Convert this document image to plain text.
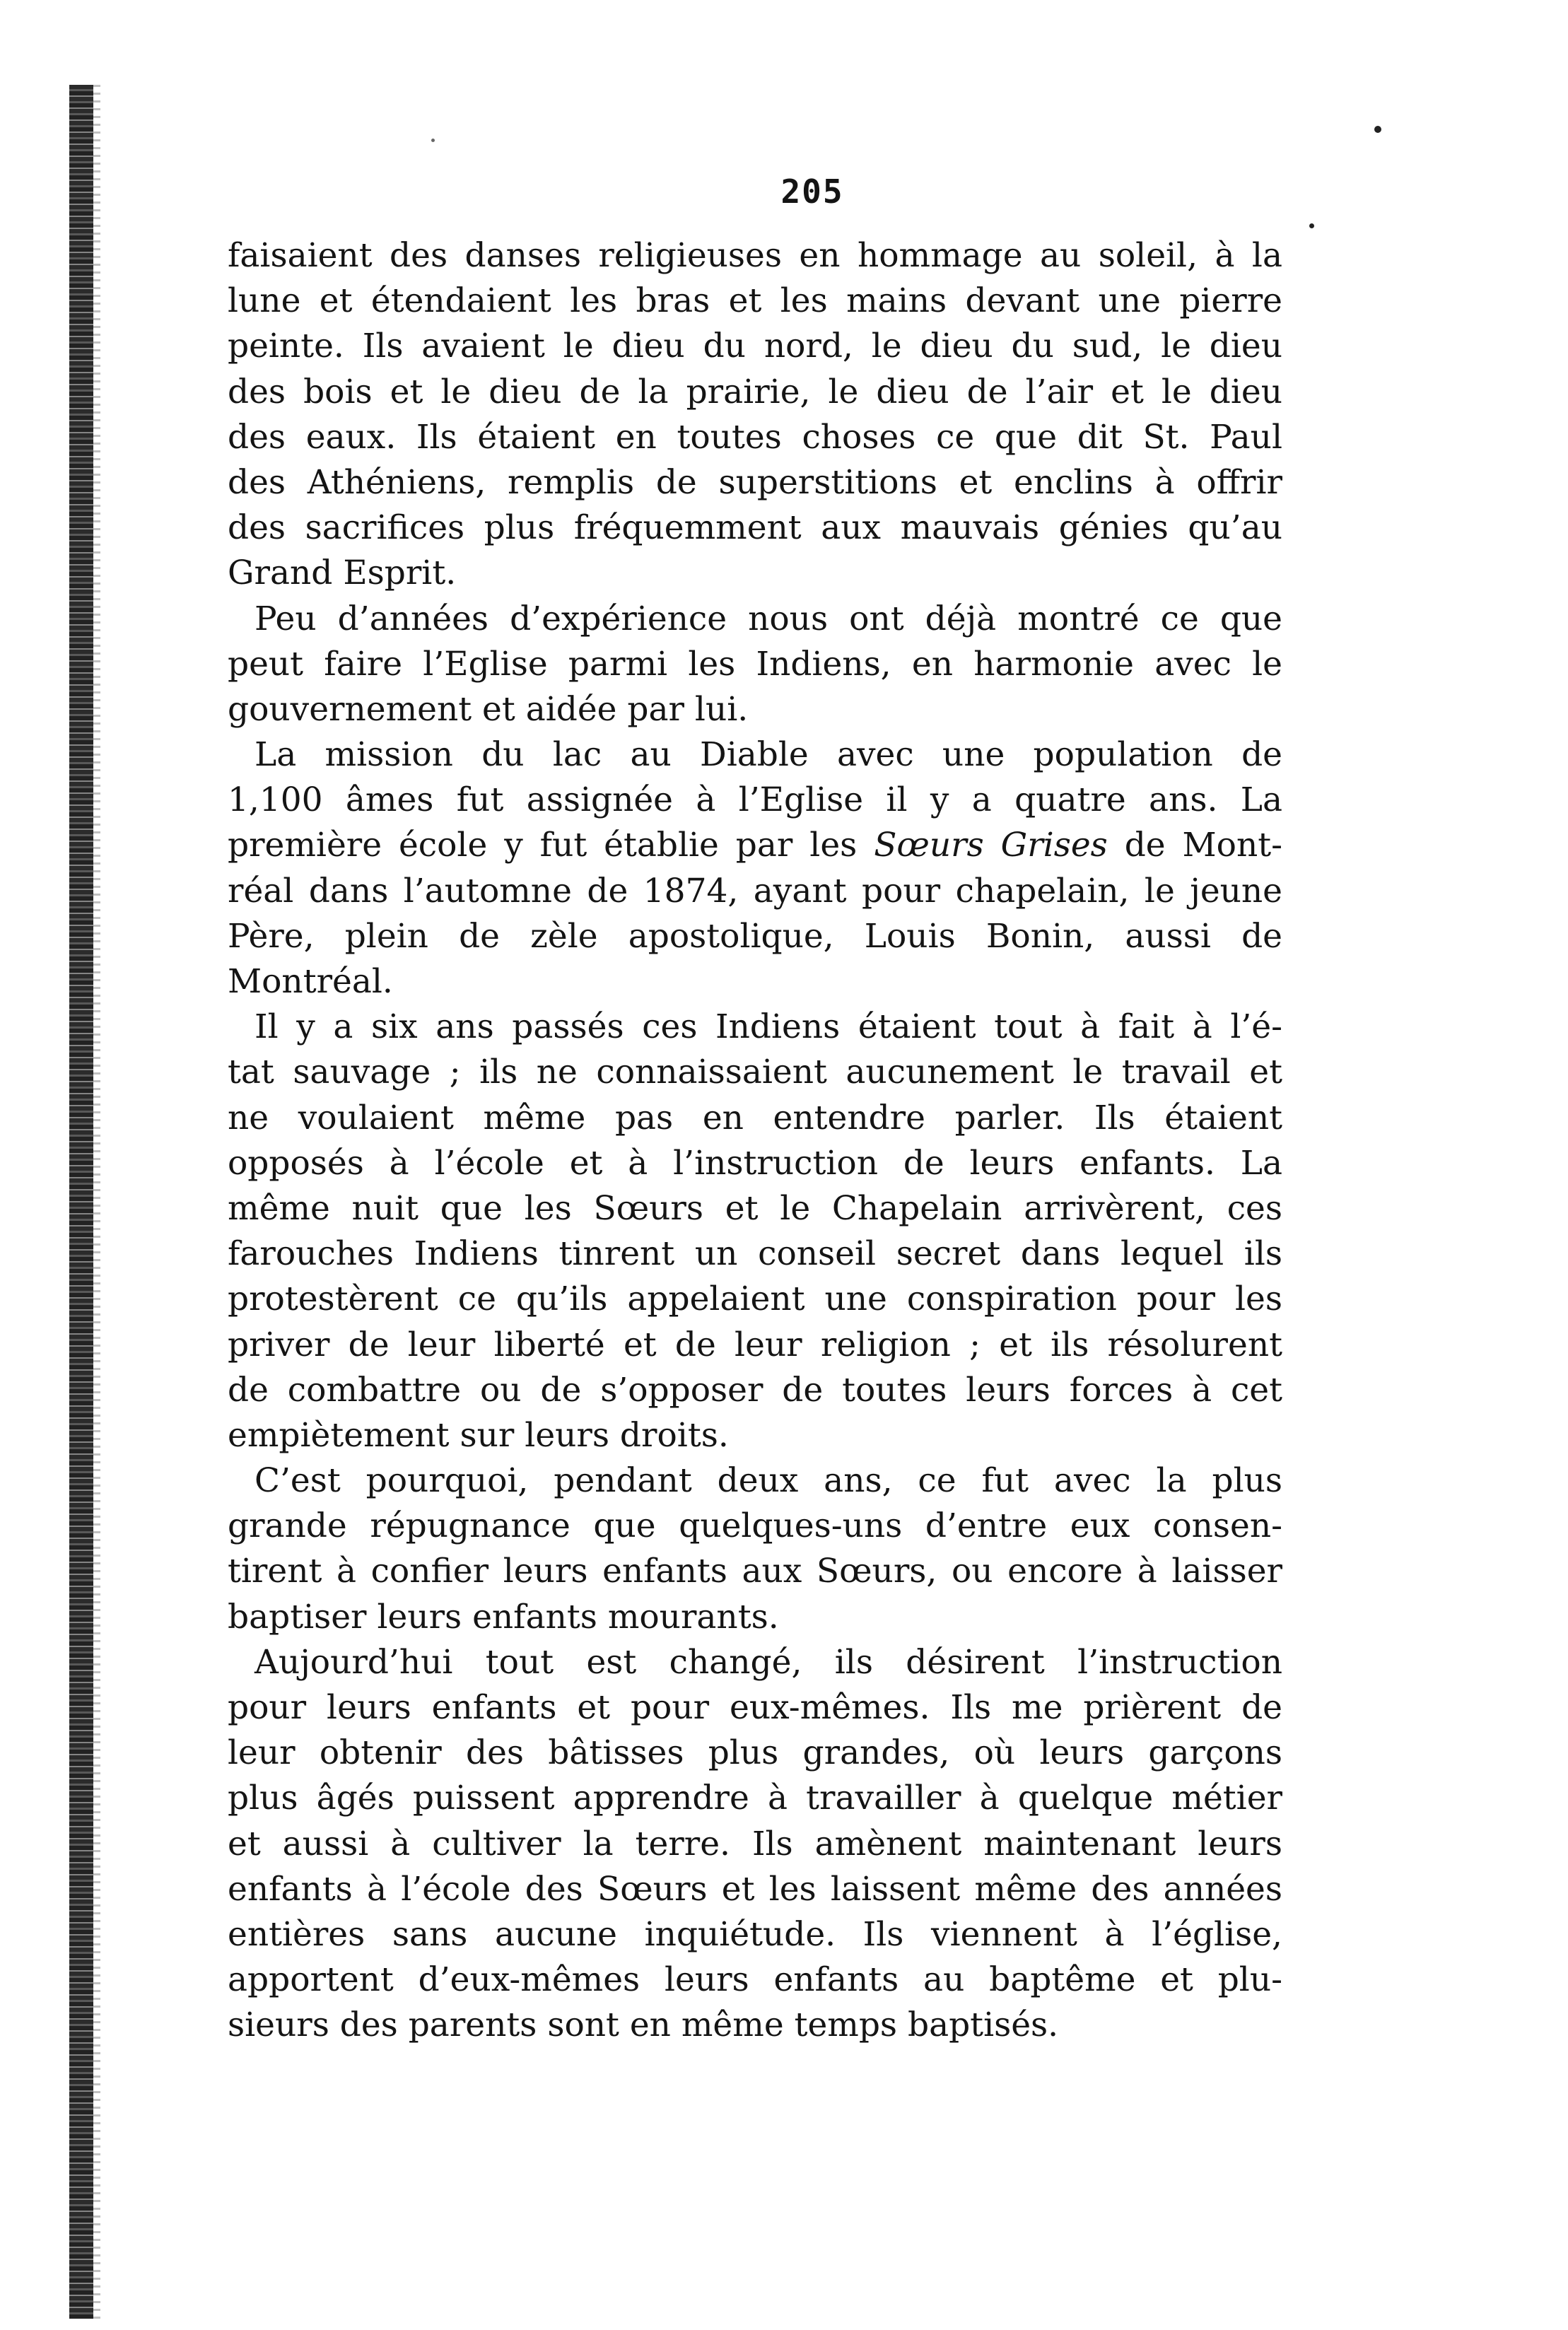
205
faisaient des danses religieuses en hommage au soleil, à la
lune et étendaient les bras et les mains devant une pierre
peinte. Ils avaient le dieu du nord, le dieu du sud, le dieu
des bois et le dieu de la prairie, le dieu de l’air et le dieu
des eaux. Ils étaient en toutes choses ce que dit St. Paul
des Athéniens, remplis de superstitions et enclins à offrir
des sacrifices plus fréquemment aux mauvais génies qu’au
Grand Esprit.
Peu d’années d’expérience nous ont déjà montré ce que
peut faire l’Eglise parmi les Indiens, en harmonie avec le
gouvernement et aidée par lui.
La mission du lac au Diable avec une population de
1,100 âmes fut assignée à l’Eglise il y a quatre ans. La
première école y fut établie par les Sœurs Grises de Mont-
réal dans l’automne de 1874, ayant pour chapelain, le jeune
Père, plein de zèle apostolique, Louis Bonin, aussi de
Montréal.
Il y a six ans passés ces Indiens étaient tout à fait à l’é-
tat sauvage ; ils ne connaissaient aucunement le travail et
ne voulaient même pas en entendre parler. Ils étaient
opposés à l’école et à l’instruction de leurs enfants. La
même nuit que les Sœurs et le Chapelain arrivèrent, ces
farouches Indiens tinrent un conseil secret dans lequel ils
protestèrent ce qu’ils appelaient une conspiration pour les
priver de leur liberté et de leur religion ; et ils résolurent
de combattre ou de s’opposer de toutes leurs forces à cet
empiètement sur leurs droits.
C’est pourquoi, pendant deux ans, ce fut avec la plus
grande répugnance que quelques-uns d’entre eux consen-
tirent à confier leurs enfants aux Sœurs, ou encore à laisser
baptiser leurs enfants mourants.
Aujourd’hui tout est changé, ils désirent l’instruction
pour leurs enfants et pour eux-mêmes. Ils me prièrent de
leur obtenir des bâtisses plus grandes, où leurs garçons
plus âgés puissent apprendre à travailler à quelque métier
et aussi à cultiver la terre. Ils amènent maintenant leurs
enfants à l’école des Sœurs et les laissent même des années
entières sans aucune inquiétude. Ils viennent à l’église,
apportent d’eux-mêmes leurs enfants au baptême et plu-
sieurs des parents sont en même temps baptisés.
